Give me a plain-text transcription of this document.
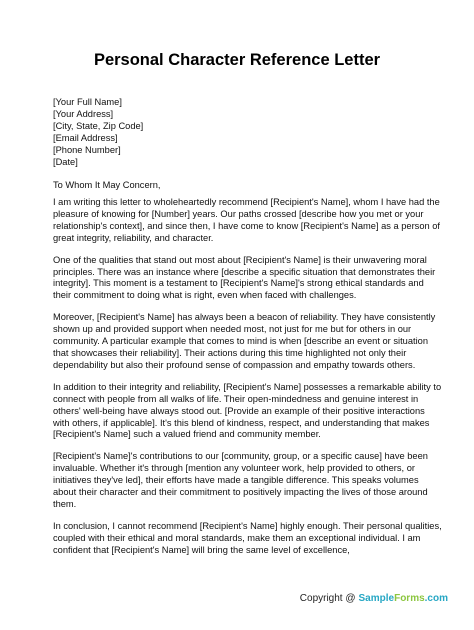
Personal Character Reference Letter
[Your Full Name]
[Your Address]
[City, State, Zip Code]
[Email Address]
[Phone Number]
[Date]
To Whom It May Concern,

I am writing this letter to wholeheartedly recommend [Recipient's Name], whom I have had the pleasure of knowing for [Number] years. Our paths crossed [describe how you met or your relationship's context], and since then, I have come to know [Recipient's Name] as a person of great integrity, reliability, and character.

One of the qualities that stand out most about [Recipient's Name] is their unwavering moral principles. There was an instance where [describe a specific situation that demonstrates their integrity]. This moment is a testament to [Recipient's Name]'s strong ethical standards and their commitment to doing what is right, even when faced with challenges.

Moreover, [Recipient's Name] has always been a beacon of reliability. They have consistently shown up and provided support when needed most, not just for me but for others in our community. A particular example that comes to mind is when [describe an event or situation that showcases their reliability]. Their actions during this time highlighted not only their dependability but also their profound sense of compassion and empathy towards others.

In addition to their integrity and reliability, [Recipient's Name] possesses a remarkable ability to connect with people from all walks of life. Their open-mindedness and genuine interest in others' well-being have always stood out. [Provide an example of their positive interactions with others, if applicable]. It's this blend of kindness, respect, and understanding that makes [Recipient's Name] such a valued friend and community member.

[Recipient's Name]'s contributions to our [community, group, or a specific cause] have been invaluable. Whether it's through [mention any volunteer work, help provided to others, or initiatives they've led], their efforts have made a tangible difference. This speaks volumes about their character and their commitment to positively impacting the lives of those around them.

In conclusion, I cannot recommend [Recipient's Name] highly enough. Their personal qualities, coupled with their ethical and moral standards, make them an exceptional individual. I am confident that [Recipient's Name] will bring the same level of excellence,

Copyright @ SampleForms.com
